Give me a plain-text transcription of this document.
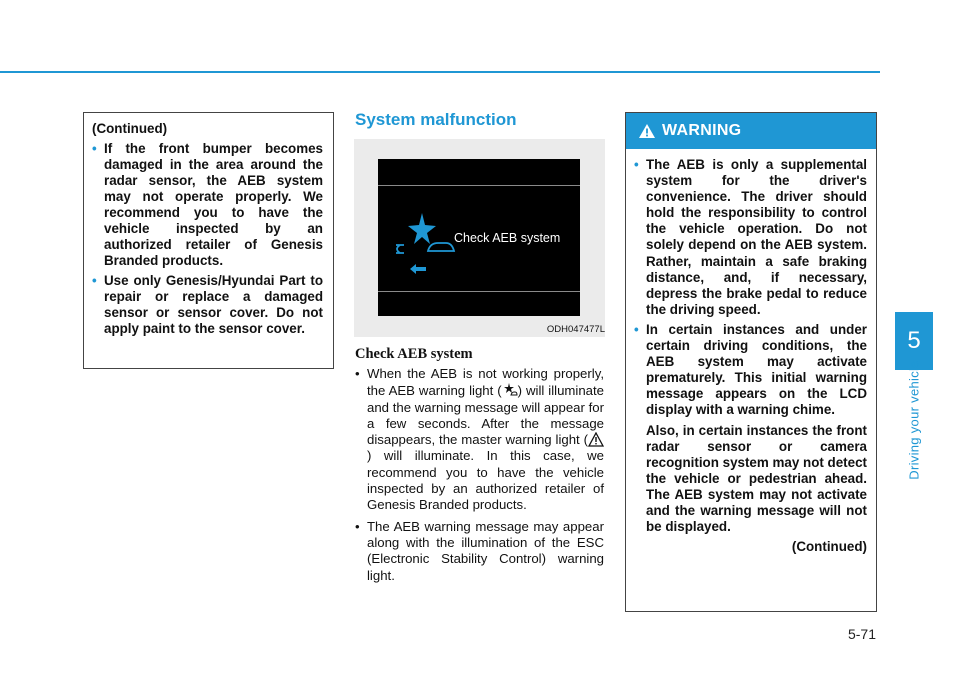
5
Driving your vehicle
(Continued)
• If the front bumper becomes damaged in the area around the radar sensor, the AEB system may not operate properly. We recommend you to have the vehicle inspected by an authorized retailer of Genesis Branded products.
• Use only Genesis/Hyundai Part to repair or replace a damaged sensor or sensor cover. Do not apply paint to the sensor cover.
System malfunction
Check AEB system
ODH047477L
Check AEB system
• When the AEB is not working properly, the AEB warning light ( ) will illuminate and the warning message will appear for a few seconds. After the message disappears, the master warning light () will illuminate. In this case, we recommend you to have the vehicle inspected by an authorized retailer of Genesis Branded products.
• The AEB warning message may appear along with the illumination of the ESC (Electronic Stability Control) warning light.
WARNING
• The AEB is only a supplemental system for the driver's convenience. The driver should hold the responsibility to control the vehicle operation. Do not solely depend on the AEB system. Rather, maintain a safe braking distance, and, if necessary, depress the brake pedal to reduce the driving speed.
• In certain instances and under certain driving conditions, the AEB system may activate prematurely. This initial warning message appears on the LCD display with a warning chime.
Also, in certain instances the front radar sensor or camera recognition system may not detect the vehicle or pedestrian ahead. The AEB system may not activate and the warning message will not be displayed.
(Continued)
5-71
